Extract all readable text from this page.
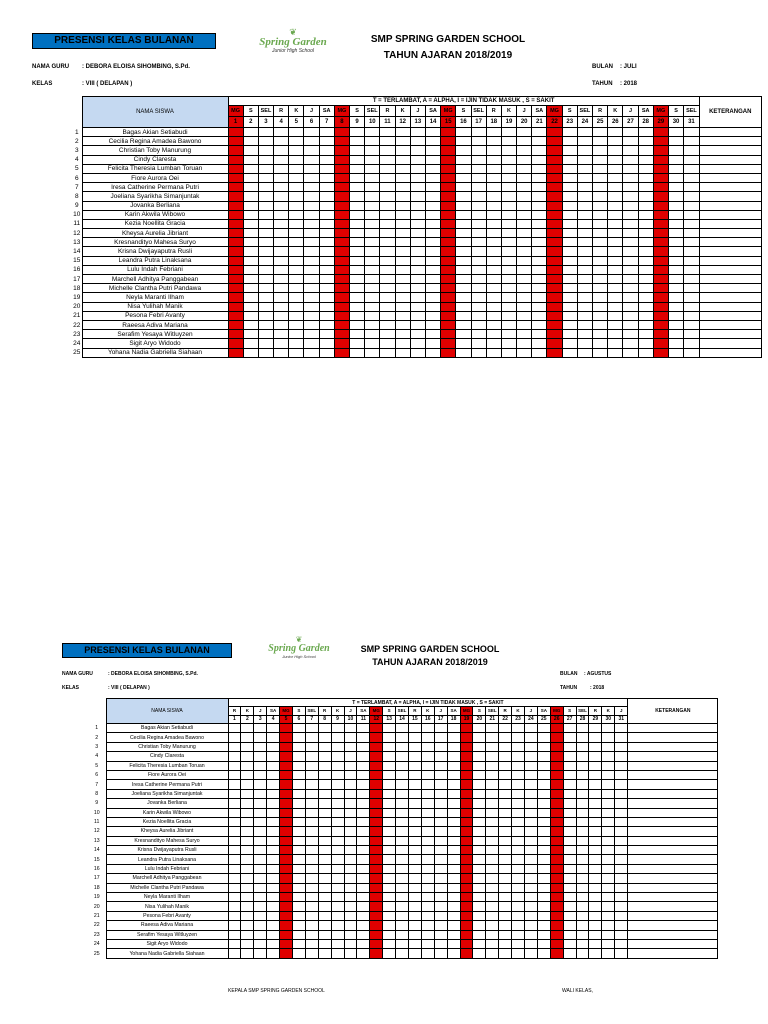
PRESENSI KELAS BULANAN
❦
Spring Garden
Junior High School
SMP SPRING GARDEN SCHOOL
TAHUN AJARAN 2018/2019
NAMA GURU : DEBORA ELOISA SIHOMBING, S.Pd.
KELAS	: VIII ( DELAPAN )
BULAN : JULI
TAHUN : 2018
	NAMA SISWA	T = TERLAMBAT, A = ALPHA, I = IJIN TIDAK MASUK , S = SAKIT																															KETERANGAN
		MG	S	SEL	R	K	J	SA	MG	S	SEL	R	K	J	SA	MG	S	SEL	R	K	J	SA	MG	S	SEL	R	K	J	SA	MG	S	SEL	
		1	2	3	4	5	6	7	8	9	10	11	12	13	14	15	16	17	18	19	20	21	22	23	24	25	26	27	28	29	30	31	
1	Bagas Akian Setiabudi																																
2	Cecilia Regina Amadea Bawono																																
3	Christian Toby Manurung																																
4	Cindy Claresta																																
5	Felicita Theresia Lumban Toruan																																
6	Fiore Aurora Oei																																
7	Iresa Catherine Permana Putri																																
8	Joeliana Syarikha Simanjuntak																																
9	Jovanka Berliana																																
10	Karin Akwila Wibowo																																
11	Kezia Noellita Gracia																																
12	Kheysa Aurelia Jibriant																																
13	Kresnandityo Mahesa Suryo																																
14	Krisna Dwijayaputra Rusli																																
15	Leandra Putra Linaksana																																
16	Lulu Indah Febriani																																
17	Marchell Adhitya Panggabean																																
18	Michelle Clantha Putri Pandawa																																
19	Neyla Maranti Ilham																																
20	Nisa Yulihah Manik																																
21	Pesona Febri Avanty																																
22	Raeesa Adiva Mariana																																
23	Serafim Yesaya Witluyzen																																
24	Sigit Aryo Widodo																																
25	Yohana Nadia Gabriella Siahaan																																
PRESENSI KELAS BULANAN
❦
Spring Garden
Junior High School
SMP SPRING GARDEN SCHOOL
TAHUN AJARAN 2018/2019
NAMA GURU	: DEBORA ELOISA SIHOMBING, S.Pd.
KELAS	: VIII ( DELAPAN )
BULAN : AGUSTUS
TAHUN	: 2018
	NAMA SISWA	T = TERLAMBAT, A = ALPHA, I = IJIN TIDAK MASUK , S = SAKIT																															KETERANGAN
		R	K	J	SA	MG	S	SEL	R	K	J	SA	MG	S	SEL	R	K	J	SA	MG	S	SEL	R	K	J	SA	MG	S	SEL	R	K	J	
		1	2	3	4	5	6	7	8	9	10	11	12	13	14	15	16	17	18	19	20	21	22	23	24	25	26	27	28	29	30	31	
1	Bagas Akian Setiabudi																																
2	Cecilia Regina Amadea Bawono																																
3	Christian Toby Manurung																																
4	Cindy Claresta																																
5	Felicita Theresia Lumban Toruan																																
6	Fiore Aurora Oei																																
7	Iresa Catherine Permana Putri																																
8	Joeliana Syarikha Simanjuntak																																
9	Jovanka Berliana																																
10	Karin Akwila Wibowo																																
11	Kezia Noellita Gracia																																
12	Kheysa Aurelia Jibriant																																
13	Kresnandityo Mahesa Suryo																																
14	Krisna Dwijayaputra Rusli																																
15	Leandra Putra Linaksana																																
16	Lulu Indah Febriani																																
17	Marchell Adhitya Panggabean																																
18	Michelle Clantha Putri Pandawa																																
19	Neyla Maranti Ilham																																
20	Nisa Yulihah Manik																																
21	Pesona Febri Avanty																																
22	Raeesa Adiva Mariana																																
23	Serafim Yesaya Witluyzen																																
24	Sigit Aryo Widodo																																
25	Yohana Nadia Gabriella Siahaan																																
KEPALA SMP SPRING GARDEN SCHOOL	WALI KELAS,
